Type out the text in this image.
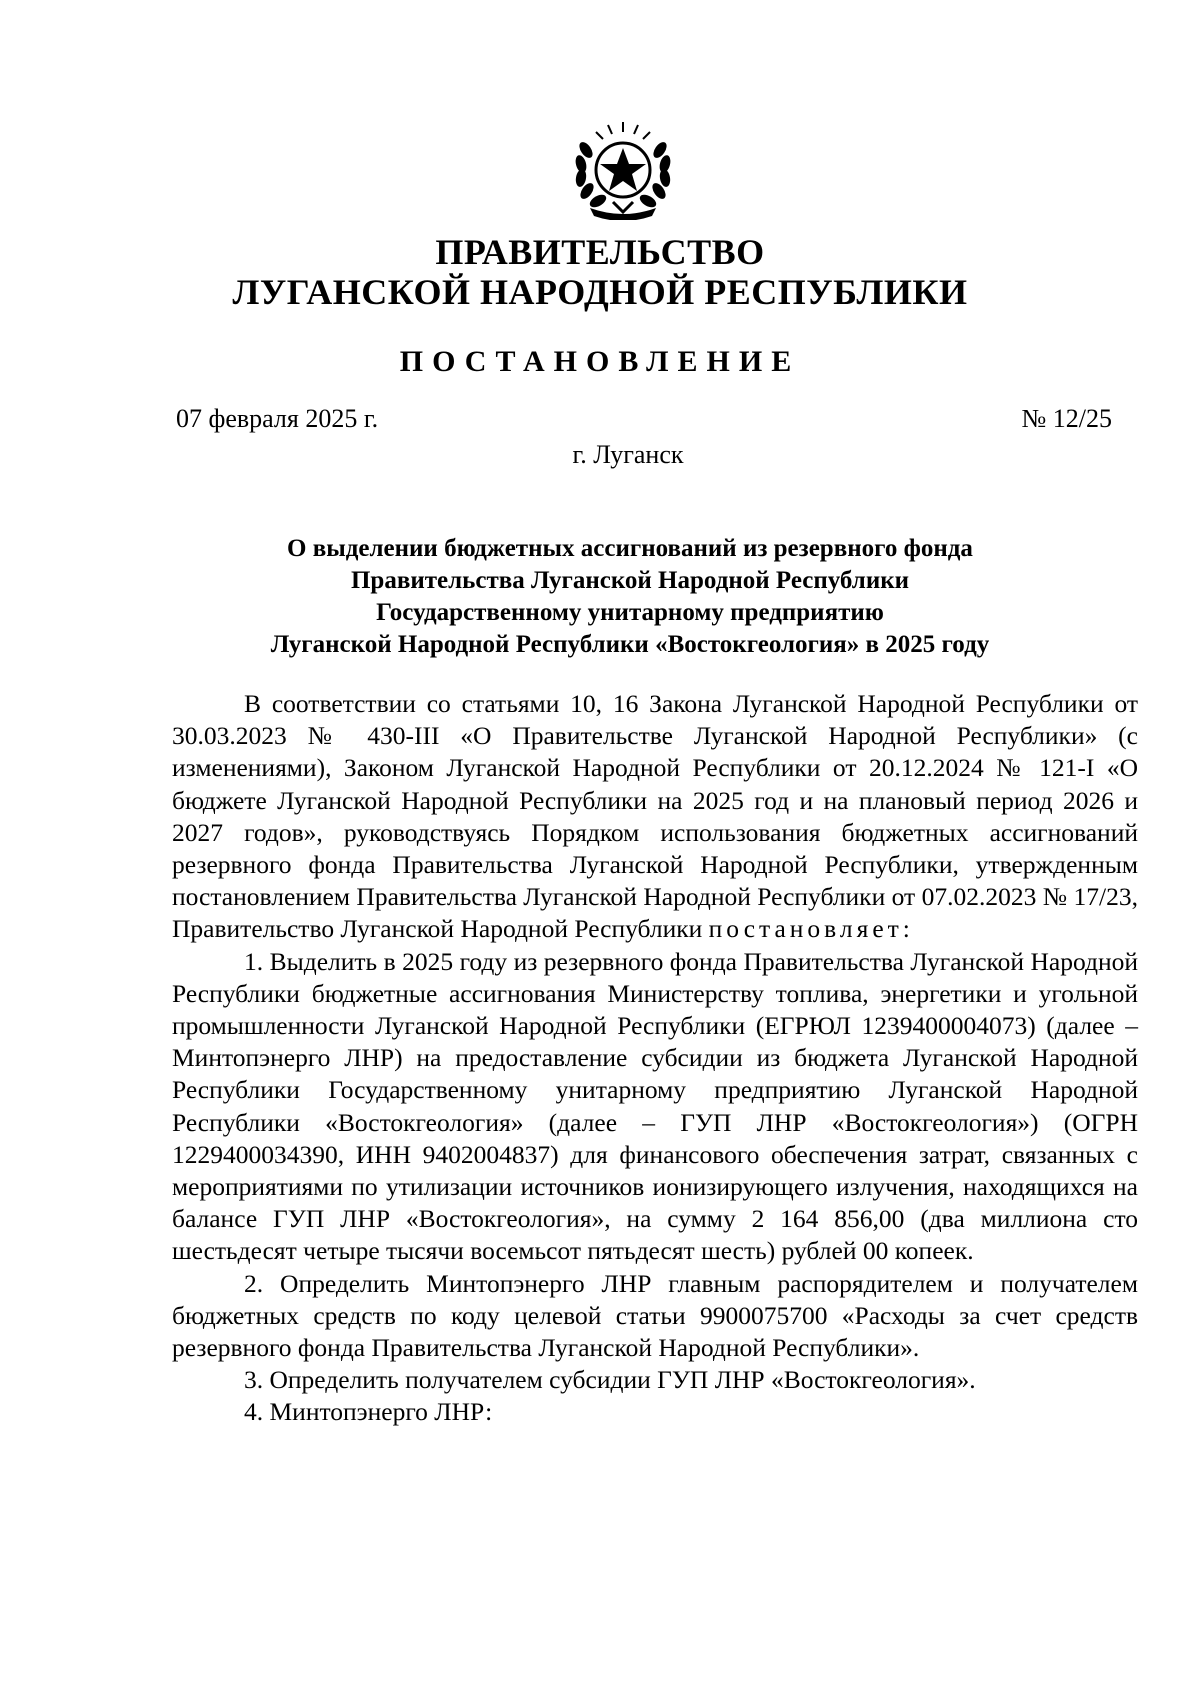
ПРАВИТЕЛЬСТВО
ЛУГАНСКОЙ НАРОДНОЙ РЕСПУБЛИКИ
ПОСТАНОВЛЕНИЕ
07 февраля 2025 г.	№ 12/25
г. Луганск
О выделении бюджетных ассигнований из резервного фонда
Правительства Луганской Народной Республики
Государственному унитарному предприятию
Луганской Народной Республики «Востокгеология» в 2025 году

В соответствии со статьями 10, 16 Закона Луганской Народной Республики от 30.03.2023 № 430-III «О Правительстве Луганской Народной Республики» (с изменениями), Законом Луганской Народной Республики от 20.12.2024 № 121-I «О бюджете Луганской Народной Республики на 2025 год и на плановый период 2026 и 2027 годов», руководствуясь Порядком использования бюджетных ассигнований резервного фонда Правительства Луганской Народной Республики, утвержденным постановлением Правительства Луганской Народной Республики от 07.02.2023 № 17/23, Правительство Луганской Народной Республики постановляет:

1. Выделить в 2025 году из резервного фонда Правительства Луганской Народной Республики бюджетные ассигнования Министерству топлива, энергетики и угольной промышленности Луганской Народной Республики (ЕГРЮЛ 1239400004073) (далее – Минтопэнерго ЛНР) на предоставление субсидии из бюджета Луганской Народной Республики Государственному унитарному предприятию Луганской Народной Республики «Востокгеология» (далее – ГУП ЛНР «Востокгеология») (ОГРН 1229400034390, ИНН 9402004837) для финансового обеспечения затрат, связанных с мероприятиями по утилизации источников ионизирующего излучения, находящихся на балансе ГУП ЛНР «Востокгеология», на сумму 2 164 856,00 (два миллиона сто шестьдесят четыре тысячи восемьсот пятьдесят шесть) рублей 00 копеек.

2. Определить Минтопэнерго ЛНР главным распорядителем и получателем бюджетных средств по коду целевой статьи 9900075700 «Расходы за счет средств резервного фонда Правительства Луганской Народной Республики».

3. Определить получателем субсидии ГУП ЛНР «Востокгеология».

4. Минтопэнерго ЛНР:
